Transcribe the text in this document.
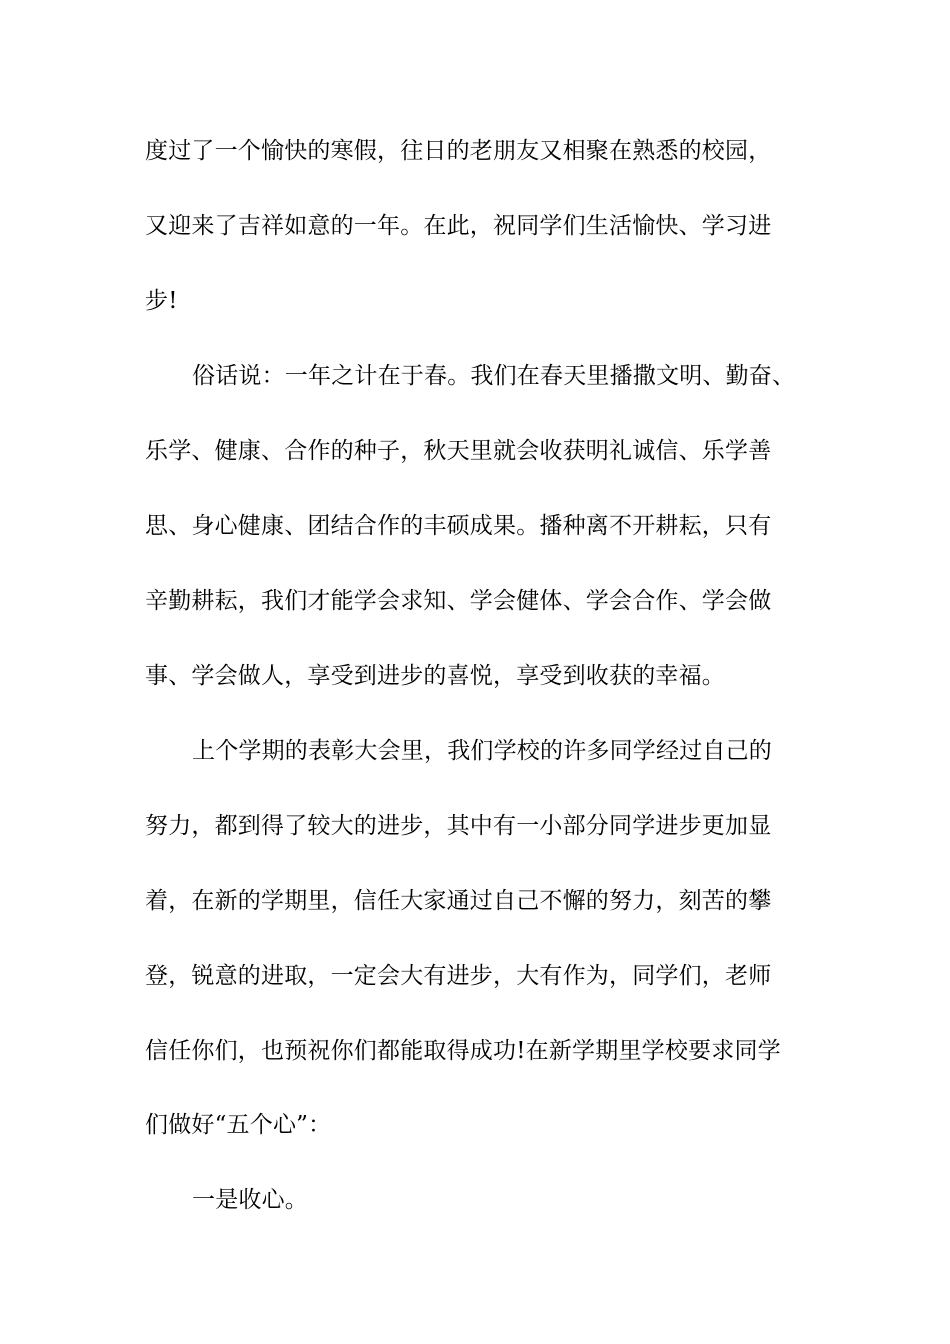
度过了一个愉快的寒假，往日的老朋友又相聚在熟悉的校园，
又迎来了吉祥如意的一年。在此，祝同学们生活愉快、学习进
步!
俗话说：一年之计在于春。我们在春天里播撒文明、勤奋、
乐学、健康、合作的种子，秋天里就会收获明礼诚信、乐学善
思、身心健康、团结合作的丰硕成果。播种离不开耕耘，只有
辛勤耕耘，我们才能学会求知、学会健体、学会合作、学会做
事、学会做人，享受到进步的喜悦，享受到收获的幸福。
上个学期的表彰大会里，我们学校的许多同学经过自己的
努力，都到得了较大的进步，其中有一小部分同学进步更加显
着，在新的学期里，信任大家通过自己不懈的努力，刻苦的攀
登，锐意的进取，一定会大有进步，大有作为，同学们，老师
信任你们，也预祝你们都能取得成功!在新学期里学校要求同学
们做好“五个心”：
一是收心。
